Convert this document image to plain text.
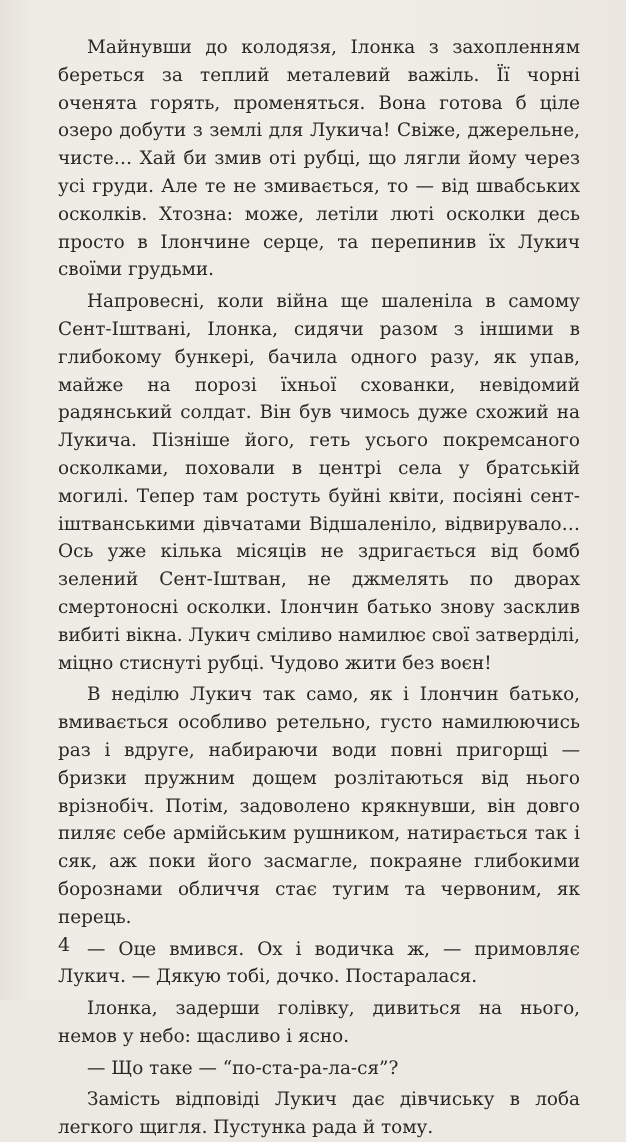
Майнувши до колодязя, Ілонка з захопленням береться за теплий металевий важіль. Її чорні оченята горять, променяться. Вона готова б ціле озеро добути з землі для Лукича! Свіже, джерельне, чисте… Хай би змив оті рубці, що лягли йому через усі груди. Але те не змивається, то — від швабських осколків. Хтозна: може, летіли люті осколки десь просто в Ілончине серце, та перепинив їх Лукич своїми грудьми.

Напровесні, коли війна ще шаленіла в самому Сент-Іштвані, Ілонка, сидячи разом з іншими в глибокому бункері, бачила одного разу, як упав, майже на порозі їхньої схованки, невідомий радянський солдат. Він був чимось дуже схожий на Лукича. Пізніше його, геть усього покремсаного осколками, поховали в центрі села у братській могилі. Тепер там ростуть буйні квіти, посіяні сент-іштванськими дівчатами Відшаленіло, відвирувало… Ось уже кілька місяців не здригається від бомб зелений Сент-Іштван, не джмелять по дворах смертоносні осколки. Ілончин батько знову засклив вибиті вікна. Лукич сміливо намилює свої затверділі, міцно стиснуті рубці. Чудово жити без воєн!

В неділю Лукич так само, як і Ілончин батько, вмивається особливо ретельно, густо намилюючись раз і вдруге, набираючи води повні пригорщі — бризки пружним дощем розлітаються від нього врізнобіч. Потім, задоволено крякнувши, він довго пиляє себе армійським рушником, натирається так і сяк, аж поки його засмагле, покраяне глибокими борознами обличчя стає тугим та червоним, як перець.

— Оце вмився. Ох і водичка ж, — примовляє Лукич. — Дякую тобі, дочко. Постаралася.

Ілонка, задерши голівку, дивиться на нього, немов у небо: щасливо і ясно.

— Що таке — “по-ста-ра-ла-ся”?

Замість відповіді Лукич дає дівчиську в лоба легкого щигля. Пустунка рада й тому.

4
